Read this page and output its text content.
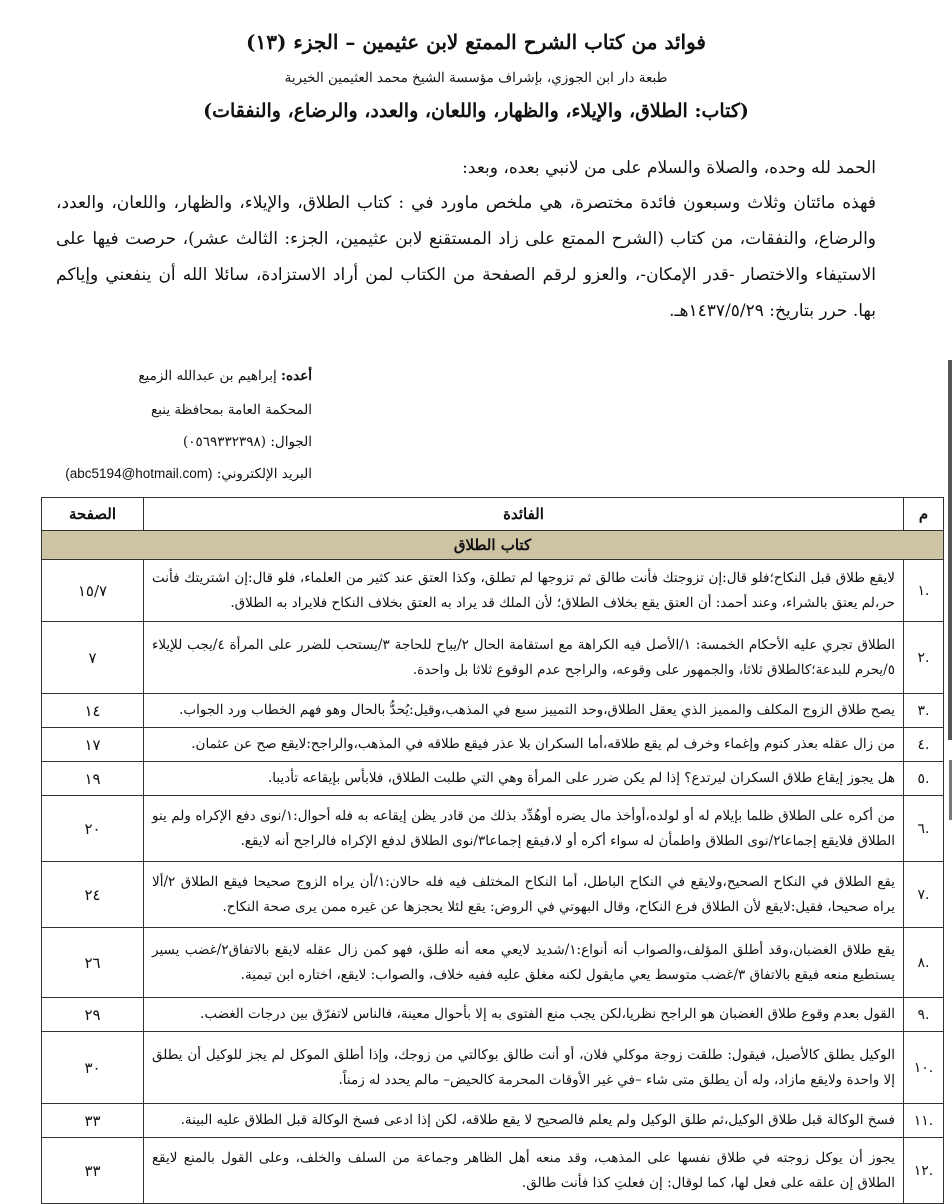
فوائد من كتاب الشرح الممتع لابن عثيمين – الجزء (١٣)
طبعة دار ابن الجوزي، بإشراف مؤسسة الشيخ محمد العثيمين الخيرية
(كتاب: الطلاق، والإيلاء، والظهار، واللعان، والعدد، والرضاع، والنفقات)
الحمد لله وحده، والصلاة والسلام على من لانبي بعده، وبعد:
فهذه مائتان وثلاث وسبعون فائدة مختصرة، هي ملخص ماورد في : كتاب الطلاق، والإيلاء، والظهار، واللعان، والعدد، والرضاع، والنفقات، من كتاب (الشرح الممتع على زاد المستقنع لابن عثيمين، الجزء: الثالث عشر)، حرصت فيها على الاستيفاء والاختصار -قدر الإمكان-، والعزو لرقم الصفحة من الكتاب لمن أراد الاستزادة، سائلا الله أن ينفعني وإياكم بها. حرر بتاريخ: ١٤٣٧/٥/٢٩هـ.
أعده: إبراهيم بن عبدالله الزميع
المحكمة العامة بمحافظة ينبع
الجوال: (٠٥٦٩٣٣٢٣٩٨)
البريد الإلكتروني: (abc5194@hotmail.com)
م	الفائدة	الصفحة
كتاب الطلاق		
.١	لايقع طلاق قبل النكاح؛فلو قال:إن تزوجتك فأنت طالق ثم تزوجها لم تطلق، وكذا العتق عند كثير من العلماء، فلو قال:إن اشتريتك فأنت حر،لم يعتق بالشراء، وعند أحمد: أن العتق يقع بخلاف الطلاق؛ لأن الملك قد يراد به العتق بخلاف النكاح فلايراد به الطلاق.	١٥/٧
.٢	الطلاق تجري عليه الأحكام الخمسة: ١/الأصل فيه الكراهة مع استقامة الحال ٢/يباح للحاجة ٣/يستحب للضرر على المرأة ٤/يجب للإيلاء ٥/يحرم للبدعة؛كالطلاق ثلاثا، والجمهور على وقوعه، والراجح عدم الوقوع ثلاثا بل واحدة.	٧
.٣	يصح طلاق الزوج المكلف والمميز الذي يعقل الطلاق،وحد التمييز سبع في المذهب،وقيل:يُحدُّ بالحال وهو فهم الخطاب ورد الجواب.	١٤
.٤	من زال عقله بعذر كنوم وإغماء وخرف لم يقع طلاقه،أما السكران بلا عذر فيقع طلاقه في المذهب،والراجح:لايقع صح عن عثمان.	١٧
.٥	هل يجوز إيقاع طلاق السكران ليرتدع؟ إذا لم يكن ضرر على المرأة وهي التي طلبت الطلاق، فلابأس بإيقاعه تأديبا.	١٩
.٦	من أكره على الطلاق ظلما بإيلام له أو لولده،أوأخذ مال يضره أوهُدِّد بذلك من قادر يظن إيقاعه به فله أحوال:١/نوى دفع الإكراه ولم ينو الطلاق فلايقع إجماعا٢/نوى الطلاق واطمأن له سواء أكره أو لا،فيقع إجماعا٣/نوى الطلاق لدفع الإكراه فالراجح أنه لايقع.	٢٠
.٧	يقع الطلاق في النكاح الصحيح،ولايقع في النكاح الباطل، أما النكاح المختلف فيه فله حالان:١/أن يراه الزوج صحيحا فيقع الطلاق ٢/ألا يراه صحيحا، فقيل:لايقع لأن الطلاق فرع النكاح، وقال البهوتي في الروض: يقع لئلا يحجزها عن غيره ممن يرى صحة النكاح.	٢٤
.٨	يقع طلاق الغضبان،وقد أطلق المؤلف،والصواب أنه أنواع:١/شديد لايعي معه أنه طلق، فهو كمن زال عقله لايقع بالاتفاق٢/غضب يسير يستطيع منعه فيقع بالاتفاق ٣/غضب متوسط يعي مايقول لكنه مغلق عليه ففيه خلاف، والصواب: لايقع، اختاره ابن تيمية.	٢٦
.٩	القول بعدم وقوع طلاق الغضبان هو الراجح نظريا،لكن يجب منع الفتوى به إلا بأحوال معينة، فالناس لاتفرّق بين درجات الغضب.	٢٩
.١٠	الوكيل يطلق كالأصيل، فيقول: طلقت زوجة موكلي فلان، أو أنت طالق بوكالتي من زوجك، وإذا أطلق الموكل لم يجز للوكيل أن يطلق إلا واحدة ولايقع مازاد، وله أن يطلق متى شاء –في غير الأوقات المحرمة كالحيض– مالم يحدد له زمناً.	٣٠
.١١	فسخ الوكالة قبل طلاق الوكيل،ثم طلق الوكيل ولم يعلم فالصحيح لا يقع طلاقه، لكن إذا ادعى فسخ الوكالة قبل الطلاق عليه البينة.	٣٣
.١٢	يجوز أن يوكل زوجته في طلاق نفسها على المذهب، وقد منعه أهل الظاهر وجماعة من السلف والخلف، وعلى القول بالمنع لايقع الطلاق إن علقه على فعل لها، كما لوقال: إن فعلتِ كذا فأنت طالق.	٣٣
